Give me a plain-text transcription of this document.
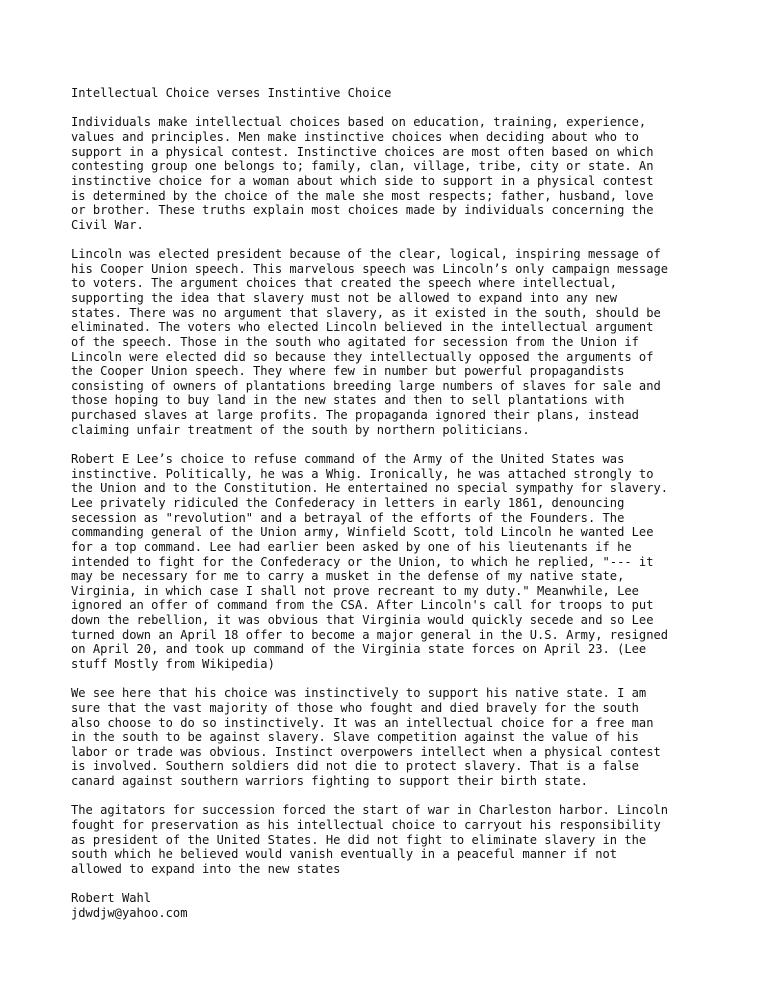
Intellectual Choice verses Instintive Choice
Individuals make intellectual choices based on education, training, experience,
values and principles. Men make instinctive choices when deciding about who to
support in a physical contest. Instinctive choices are most often based on which
contesting group one belongs to; family, clan, village, tribe, city or state. An
instinctive choice for a woman about which side to support in a physical contest
is determined by the choice of the male she most respects; father, husband, love
or brother. These truths explain most choices made by individuals concerning the
Civil War.
Lincoln was elected president because of the clear, logical, inspiring message of
his Cooper Union speech. This marvelous speech was Lincoln’s only campaign message
to voters. The argument choices that created the speech where intellectual,
supporting the idea that slavery must not be allowed to expand into any new
states. There was no argument that slavery, as it existed in the south, should be
eliminated. The voters who elected Lincoln believed in the intellectual argument
of the speech. Those in the south who agitated for secession from the Union if
Lincoln were elected did so because they intellectually opposed the arguments of
the Cooper Union speech. They where few in number but powerful propagandists
consisting of owners of plantations breeding large numbers of slaves for sale and
those hoping to buy land in the new states and then to sell plantations with
purchased slaves at large profits. The propaganda ignored their plans, instead
claiming unfair treatment of the south by northern politicians.
Robert E Lee’s choice to refuse command of the Army of the United States was
instinctive. Politically, he was a Whig. Ironically, he was attached strongly to
the Union and to the Constitution. He entertained no special sympathy for slavery.
Lee privately ridiculed the Confederacy in letters in early 1861, denouncing
secession as "revolution" and a betrayal of the efforts of the Founders. The
commanding general of the Union army, Winfield Scott, told Lincoln he wanted Lee
for a top command. Lee had earlier been asked by one of his lieutenants if he
intended to fight for the Confederacy or the Union, to which he replied, "--- it
may be necessary for me to carry a musket in the defense of my native state,
Virginia, in which case I shall not prove recreant to my duty." Meanwhile, Lee
ignored an offer of command from the CSA. After Lincoln's call for troops to put
down the rebellion, it was obvious that Virginia would quickly secede and so Lee
turned down an April 18 offer to become a major general in the U.S. Army, resigned
on April 20, and took up command of the Virginia state forces on April 23. (Lee
stuff Mostly from Wikipedia)
We see here that his choice was instinctively to support his native state. I am
sure that the vast majority of those who fought and died bravely for the south
also choose to do so instinctively. It was an intellectual choice for a free man
in the south to be against slavery. Slave competition against the value of his
labor or trade was obvious. Instinct overpowers intellect when a physical contest
is involved. Southern soldiers did not die to protect slavery. That is a false
canard against southern warriors fighting to support their birth state.
The agitators for succession forced the start of war in Charleston harbor. Lincoln
fought for preservation as his intellectual choice to carryout his responsibility
as president of the United States. He did not fight to eliminate slavery in the
south which he believed would vanish eventually in a peaceful manner if not
allowed to expand into the new states
Robert Wahl
jdwdjw@yahoo.com
